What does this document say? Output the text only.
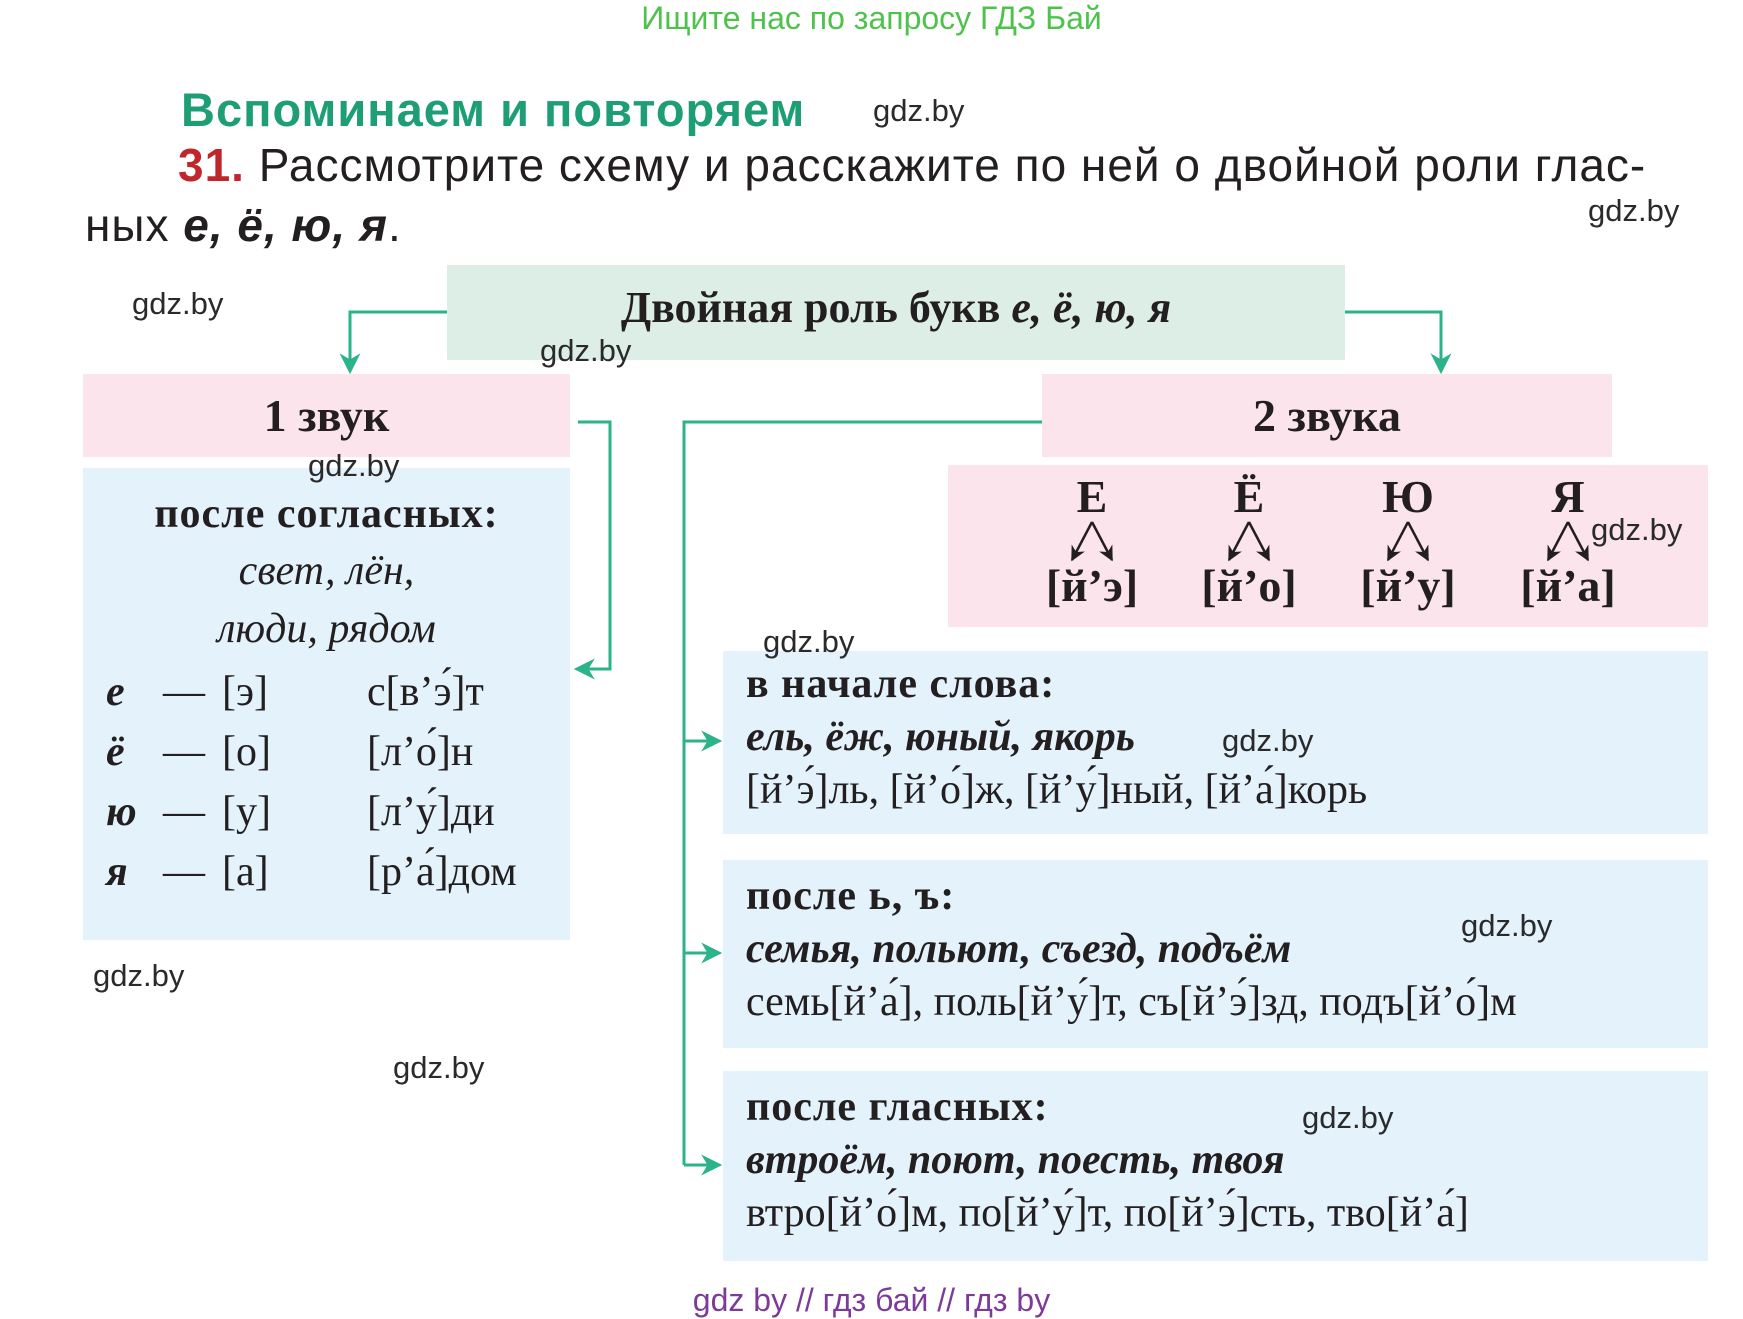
Ищите нас по запросу ГДЗ Бай
Вспоминаем и повторяем
31. Рассмотрите схему и расскажите по ней о двойной роли глас-
ных е, ё, ю, я.
Двойная роль букв е, ё, ю, я
1 звук
после согласных:
свет, лён,
люди, рядом
е — [э] с[в’э́]т
ё — [о] [л’о́]н
ю — [у] [л’у́]ди
я — [а] [р’а́]дом
2 звука
Е	Ё	Ю	Я
[й’э]	[й’о]	[й’у]	[й’а]
в начале слова:
ель, ёж, юный, якорь
[й’э́]ль, [й’о́]ж, [й’у́]ный, [й’а́]корь
после ь, ъ:
семья, польют, съезд, подъём
семь[й’а́], поль[й’у́]т, съ[й’э́]зд, подъ[й’о́]м
после гласных:
втроём, поют, поесть, твоя
втро[й’о́]м, по[й’у́]т, по[й’э́]сть, тво[й’а́]
gdz.by
gdz.by
gdz.by
gdz.by
gdz.by
gdz.by
gdz.by
gdz.by
gdz.by
gdz.by
gdz.by
gdz.by
gdz by // гдз бай // гдз by
